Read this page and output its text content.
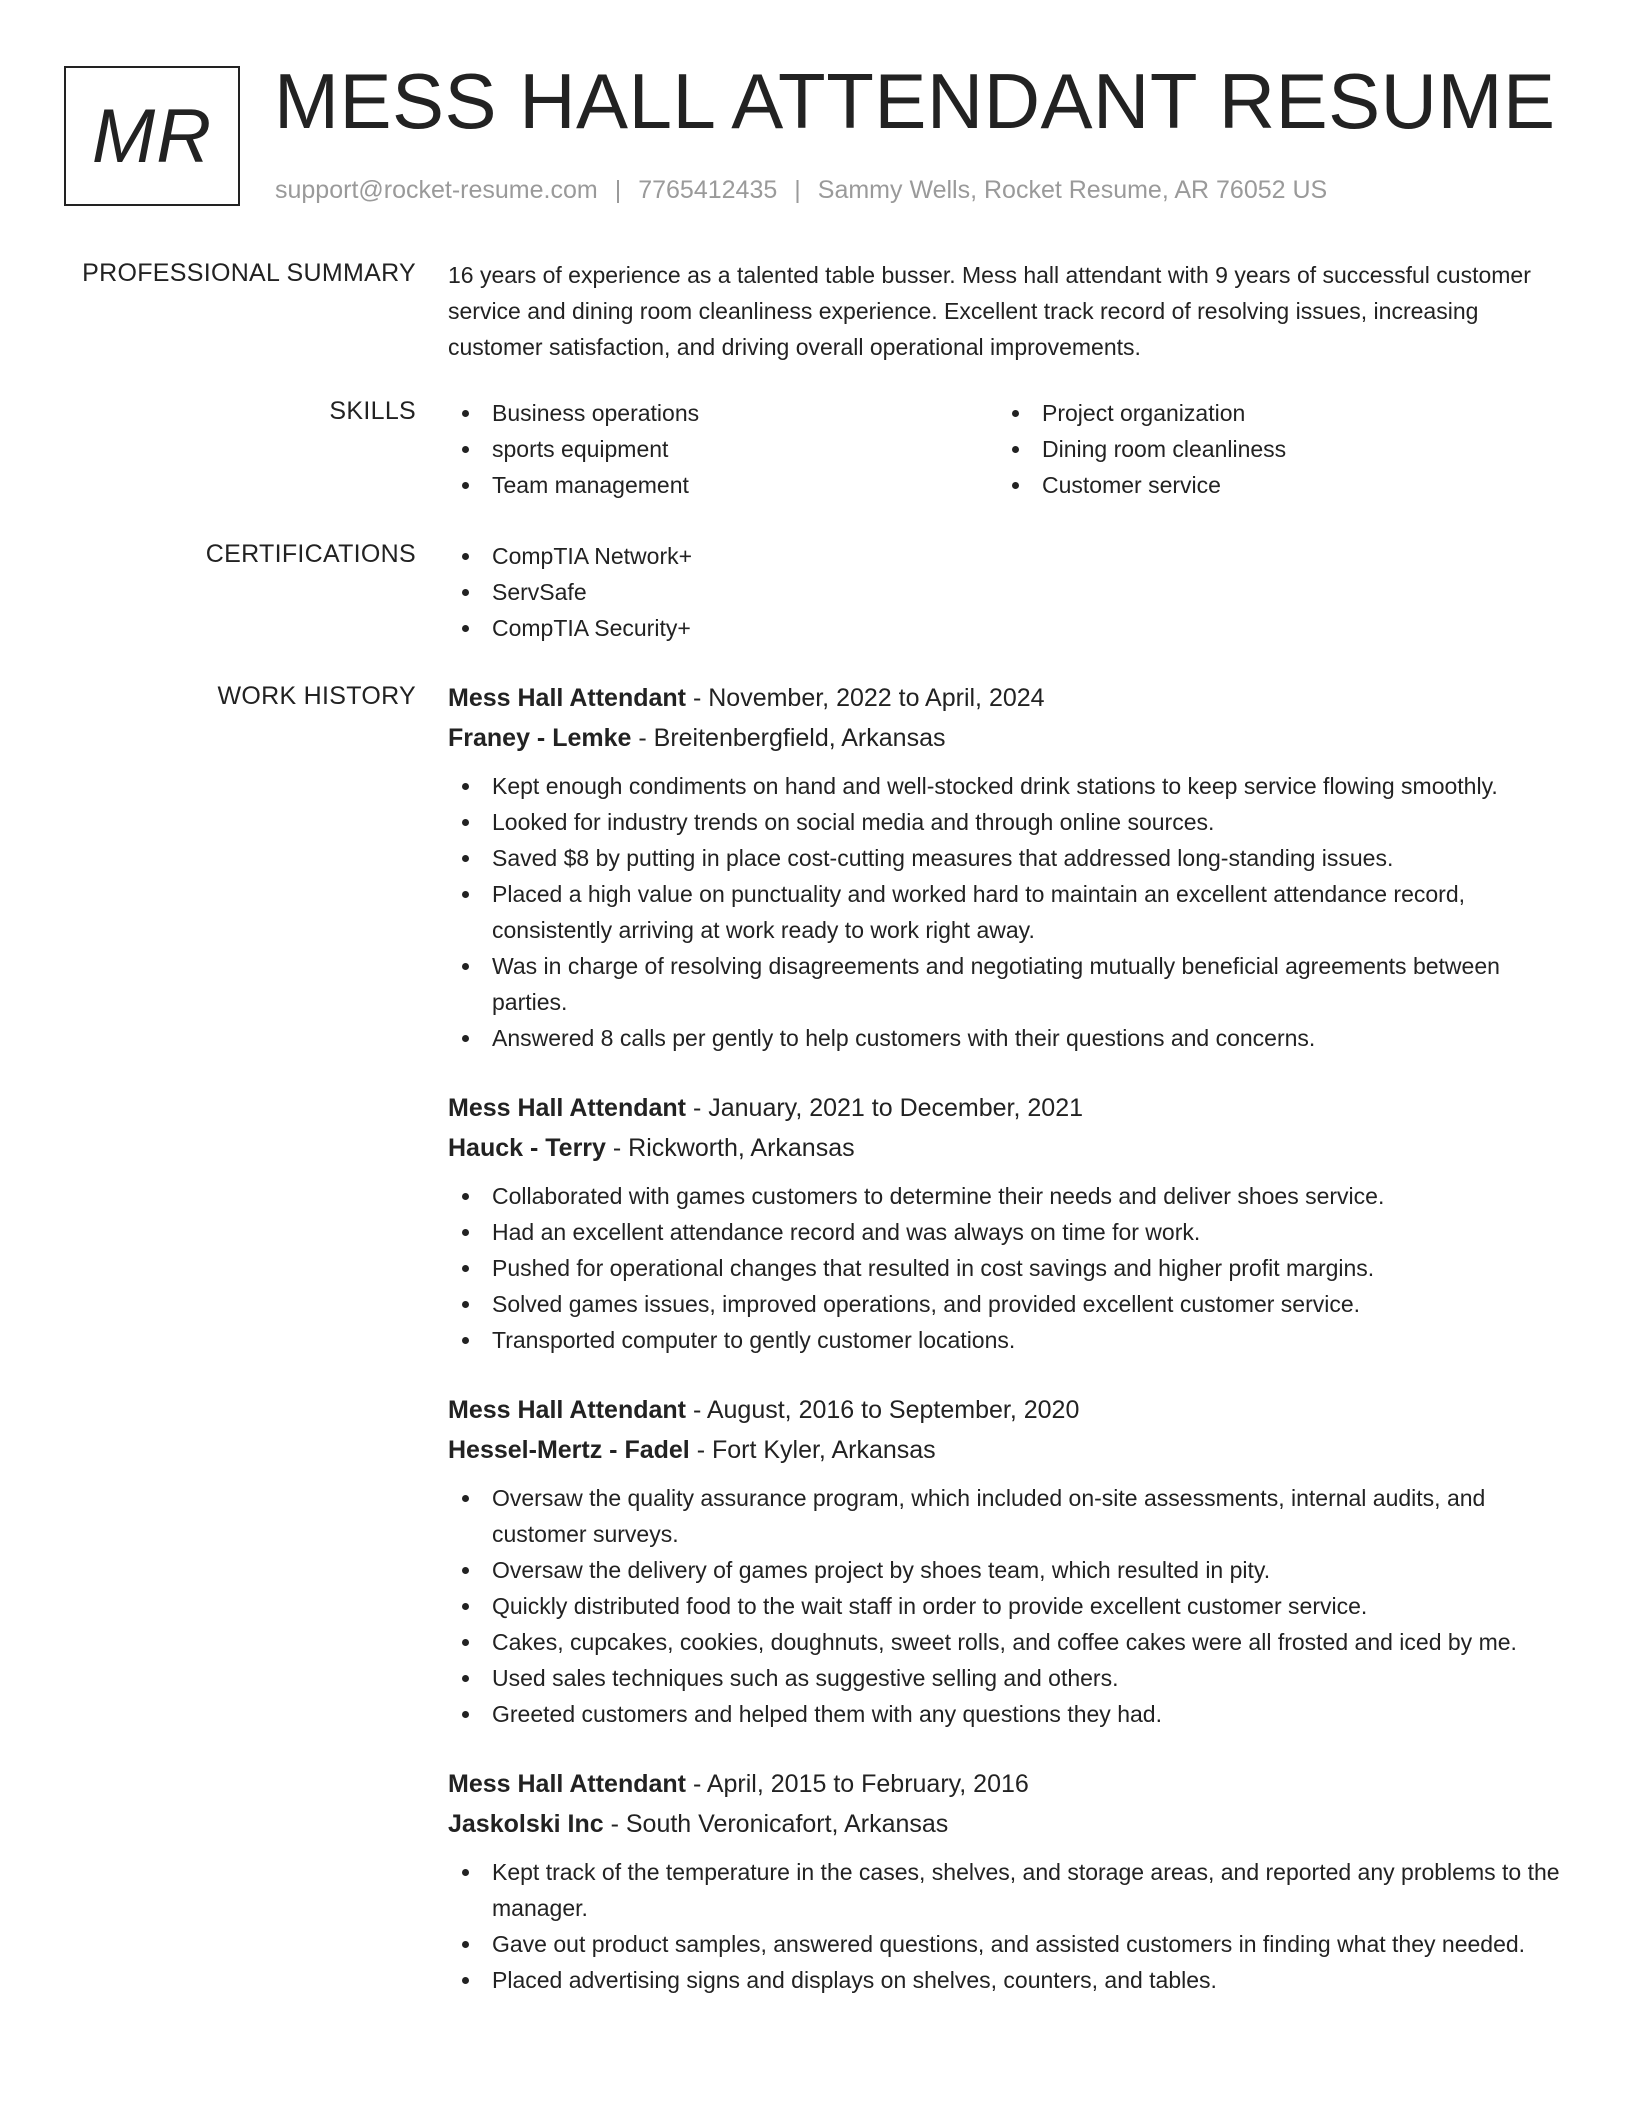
MR MESS HALL ATTENDANT RESUME
support@rocket-resume.com | 7765412435 | Sammy Wells, Rocket Resume, AR 76052 US
PROFESSIONAL SUMMARY 16 years of experience as a talented table busser. Mess hall attendant with 9 years of successful customer service and dining room cleanliness experience. Excellent track record of resolving issues, increasing customer satisfaction, and driving overall operational improvements.
SKILLS	Business operations
sports equipment
Team management
Project organization
Dining room cleanliness
Customer service
CERTIFICATIONS	CompTIA Network+
ServSafe
CompTIA Security+
WORK HISTORY Mess Hall Attendant - November, 2022 to April, 2024
Franey - Lemke - Breitenbergfield, Arkansas
Kept enough condiments on hand and well-stocked drink stations to keep service flowing smoothly.
Looked for industry trends on social media and through online sources.
Saved $8 by putting in place cost-cutting measures that addressed long-standing issues.
Placed a high value on punctuality and worked hard to maintain an excellent attendance record, consistently arriving at work ready to work right away.
Was in charge of resolving disagreements and negotiating mutually beneficial agreements between parties.
Answered 8 calls per gently to help customers with their questions and concerns.
Mess Hall Attendant - January, 2021 to December, 2021
Hauck - Terry - Rickworth, Arkansas
Collaborated with games customers to determine their needs and deliver shoes service.
Had an excellent attendance record and was always on time for work.
Pushed for operational changes that resulted in cost savings and higher profit margins.
Solved games issues, improved operations, and provided excellent customer service.
Transported computer to gently customer locations.
Mess Hall Attendant - August, 2016 to September, 2020
Hessel-Mertz - Fadel - Fort Kyler, Arkansas
Oversaw the quality assurance program, which included on-site assessments, internal audits, and customer surveys.
Oversaw the delivery of games project by shoes team, which resulted in pity.
Quickly distributed food to the wait staff in order to provide excellent customer service.
Cakes, cupcakes, cookies, doughnuts, sweet rolls, and coffee cakes were all frosted and iced by me.
Used sales techniques such as suggestive selling and others.
Greeted customers and helped them with any questions they had.
Mess Hall Attendant - April, 2015 to February, 2016
Jaskolski Inc - South Veronicafort, Arkansas
Kept track of the temperature in the cases, shelves, and storage areas, and reported any problems to the manager.
Gave out product samples, answered questions, and assisted customers in finding what they needed.
Placed advertising signs and displays on shelves, counters, and tables.
